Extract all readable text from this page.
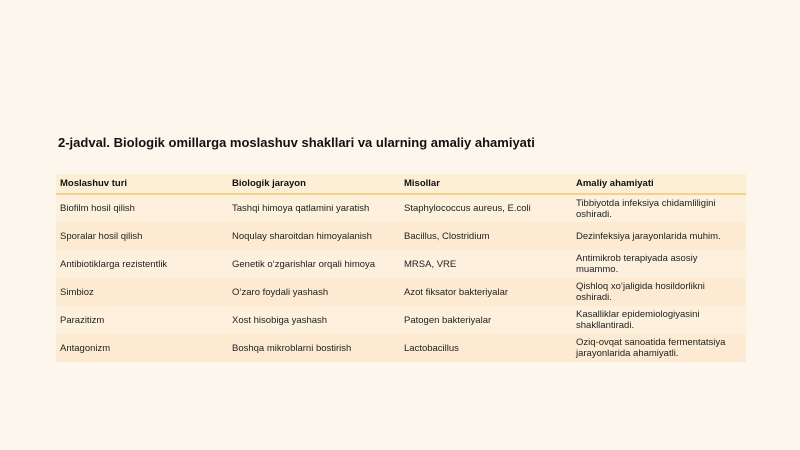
2-jadval. Biologik omillarga moslashuv shakllari va ularning amaliy ahamiyati
Moslashuv turi	Biologik jarayon	Misollar	Amaliy ahamiyati
Biofilm hosil qilish	Tashqi himoya qatlamini yaratish	Staphylococcus aureus, E.coli	Tibbiyotda infeksiya chidamliligini oshiradi.
Sporalar hosil qilish	Noqulay sharoitdan himoyalanish	Bacillus, Clostridium	Dezinfeksiya jarayonlarida muhim.
Antibiotiklarga rezistentlik	Genetik o‘zgarishlar orqali himoya	MRSA, VRE	Antimikrob terapiyada asosiy muammo.
Simbioz	O‘zaro foydali yashash	Azot fiksator bakteriyalar	Qishloq xo‘jaligida hosildorlikni oshiradi.
Parazitizm	Xost hisobiga yashash	Patogen bakteriyalar	Kasalliklar epidemiologiyasini shakllantiradi.
Antagonizm	Boshqa mikroblarni bostirish	Lactobacillus	Oziq-ovqat sanoatida fermentatsiya jarayonlarida ahamiyatli.
